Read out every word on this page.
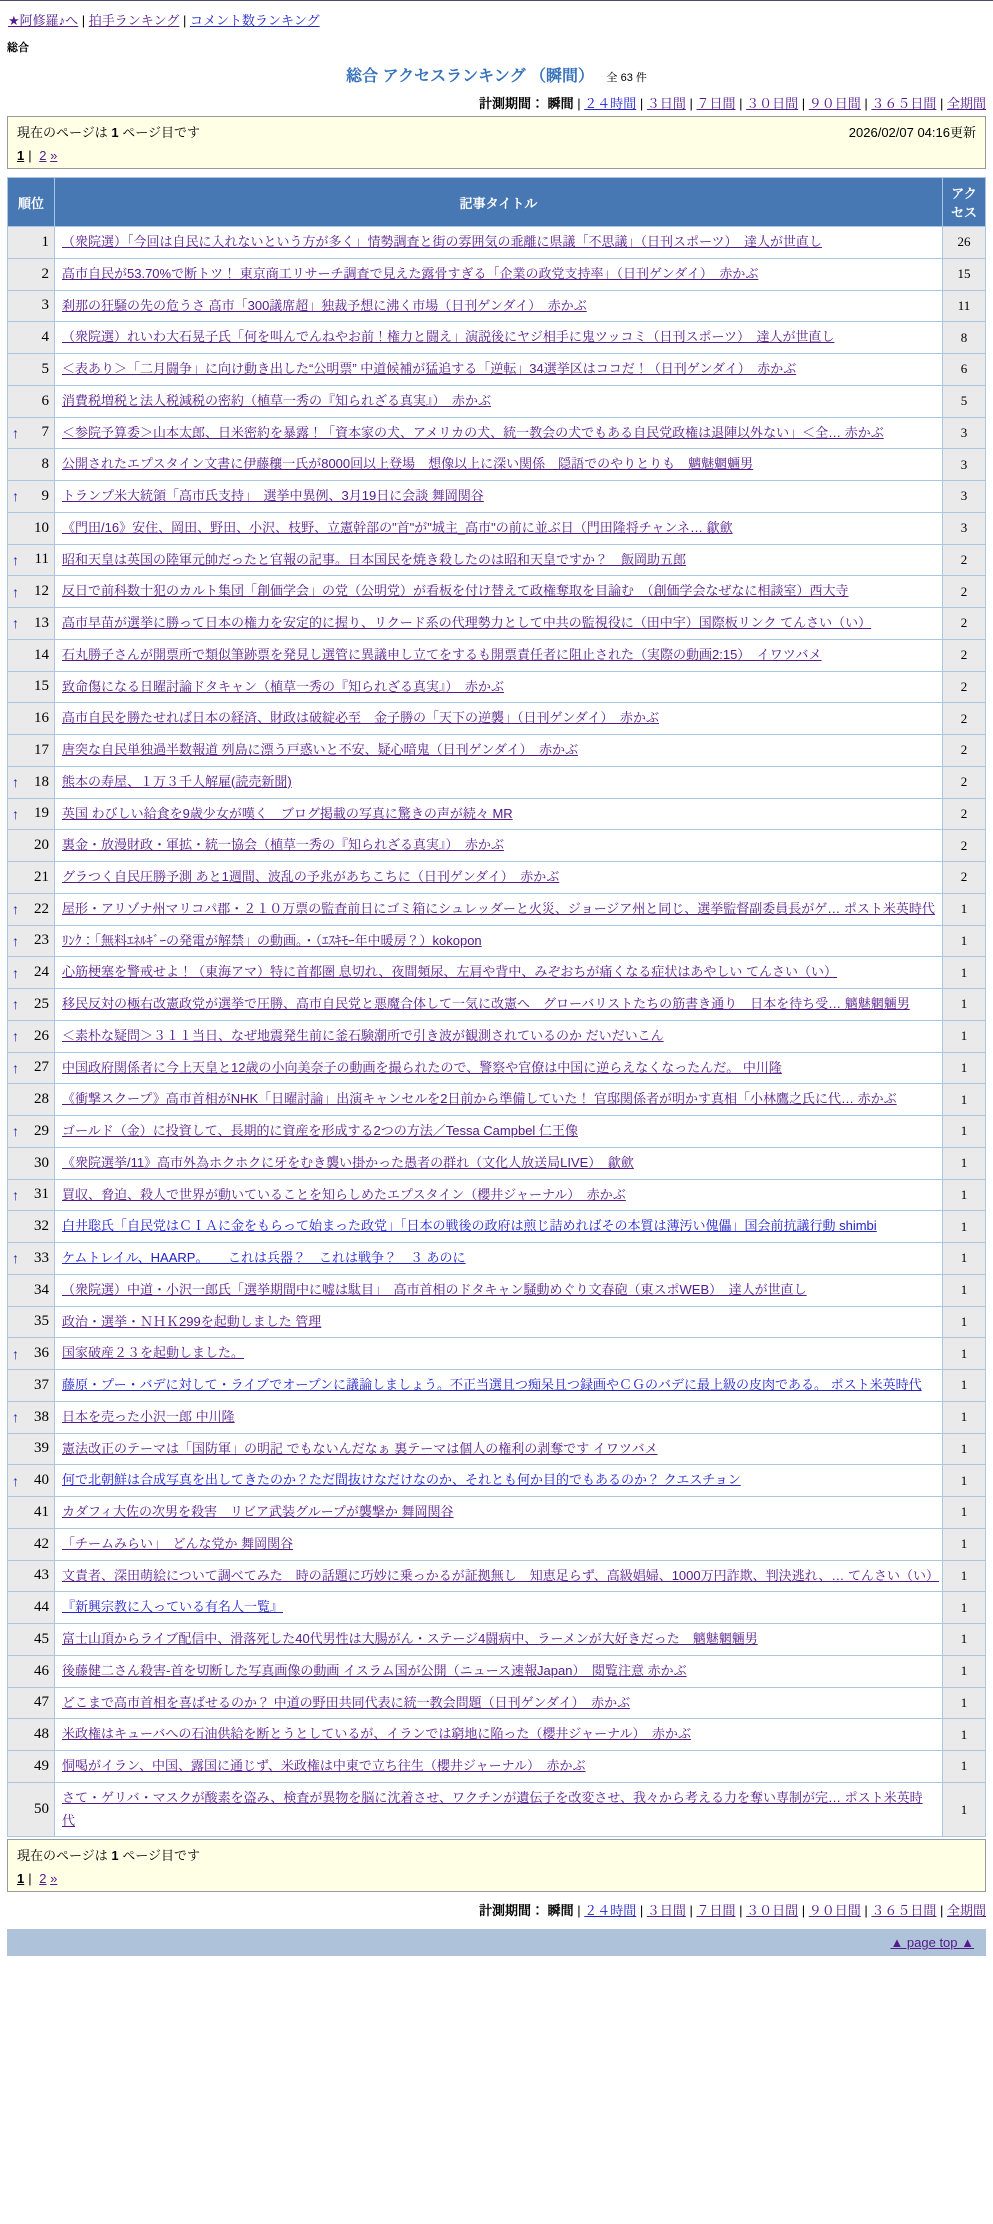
★阿修羅♪へ | 拍手ランキング | コメント数ランキング
総合
総合 アクセスランキング （瞬間） 全 63 件
計測期間： 瞬間 | ２４時間 | ３日間 | ７日間 | ３０日間 | ９０日間 | ３６５日間 | 全期間
現在のページは 1 ページ目です	2026/02/07 04:16更新
1 | 2 »
順位	記事タイトル	アクセス

1	（衆院選）「今回は自民に入れないという方が多く」情勢調査と街の雰囲気の乖離に県議「不思議」（日刊スポーツ）　達人が世直し	26

2	高市自民が53.70%で断トツ！ 東京商工リサーチ調査で見えた露骨すぎる「企業の政党支持率」（日刊ゲンダイ）　赤かぶ	15

3	刹那の狂騒の先の危うさ 高市「300議席超」独裁予想に沸く市場（日刊ゲンダイ）　赤かぶ	11

4	（衆院選）れいわ大石晃子氏「何を叫んでんねやお前！権力と闘え」演説後にヤジ相手に鬼ツッコミ（日刊スポーツ）　達人が世直し	8

5	＜表あり＞「二月闘争」に向け動き出した“公明票” 中道候補が猛追する「逆転」34選挙区はココだ！（日刊ゲンダイ）　赤かぶ	6

6	消費税増税と法人税減税の密約（植草一秀の『知られざる真実』）　赤かぶ	5

↑ 7	＜参院予算委＞山本太郎、日米密約を暴露！「資本家の犬、アメリカの犬、統一教会の犬でもある自民党政権は退陣以外ない」＜全… 赤かぶ	3

8	公開されたエプスタイン文書に伊藤穰一氏が8000回以上登場　想像以上に深い関係　隠語でのやりとりも　魑魅魍魎男	3

↑ 9	トランプ米大統領「高市氏支持」　選挙中異例、3月19日に会談 舞岡関谷	3

10	《門田/16》安住、岡田、野田、小沢、枝野、立憲幹部の"首"が"城主_高市"の前に並ぶ日（門田隆将チャンネ… 歙歛	3

↑ 11	昭和天皇は英国の陸軍元帥だったと官報の記事。日本国民を焼き殺したのは昭和天皇ですか？　飯岡助五郎	2

↑ 12	反日で前科数十犯のカルト集団「創価学会」の党（公明党）が看板を付け替えて政権奪取を目論む　（創価学会なぜなに相談室）西大寺	2

↑ 13	高市早苗が選挙に勝って日本の権力を安定的に握り、リクード系の代理勢力として中共の監視役に（田中宇）国際板リンク てんさい（い）	2

14	石丸勝子さんが開票所で類似筆跡票を発見し選管に異議申し立てをするも開票責任者に阻止された（実際の動画2:15）　イワツバメ	2

15	致命傷になる日曜討論ドタキャン（植草一秀の『知られざる真実』）　赤かぶ	2

16	高市自民を勝たせれば日本の経済、財政は破綻必至　金子勝の「天下の逆襲」（日刊ゲンダイ）　赤かぶ	2

17	唐突な自民単独過半数報道 列島に漂う戸惑いと不安、疑心暗鬼（日刊ゲンダイ）　赤かぶ	2

↑ 18	熊本の寿屋、１万３千人解雇(読売新聞)	2

↑ 19	英国 わびしい給食を9歳少女が嘆く　ブログ掲載の写真に驚きの声が続々 MR	2

20	裏金・放漫財政・軍拡・統一協会（植草一秀の『知られざる真実』）　赤かぶ	2

21	グラつく自民圧勝予測 あと1週間、波乱の予兆があちこちに（日刊ゲンダイ）　赤かぶ	2

↑ 22	屋形・アリゾナ州マリコパ郡・２１０万票の監査前日にゴミ箱にシュレッダーと火災、ジョージア州と同じ、選挙監督副委員長がゲ… ポスト米英時代	1

↑ 23	ﾘﾝｸ：「無料ｴﾈﾙｷﾞｰの発電が解禁」の動画。・（ｴｽｷﾓｰ年中暖房？）kokopon	1

↑ 24	心筋梗塞を警戒せよ！（東海アマ）特に首都圏 息切れ、夜間頻尿、左肩や背中、みぞおちが痛くなる症状はあやしい てんさい（い）	1

↑ 25	移民反対の極右改憲政党が選挙で圧勝、高市自民党と悪魔合体して一気に改憲へ　グローバリストたちの筋書き通り　日本を待ち受… 魑魅魍魎男	1

↑ 26	＜素朴な疑問＞３１１当日、なぜ地震発生前に釜石験潮所で引き波が観測されているのか だいだいこん	1

↑ 27	中国政府関係者に今上天皇と12歳の小向美奈子の動画を撮られたので、警察や官僚は中国に逆らえなくなったんだ。 中川隆	1

28	《衝撃スクープ》高市首相がNHK「日曜討論」出演キャンセルを2日前から準備していた！ 官邸関係者が明かす真相「小林鷹之氏に代… 赤かぶ	1

↑ 29	ゴールド（金）に投資して、長期的に資産を形成する2つの方法／Tessa Campbel 仁王像	1

30	《衆院選挙/11》高市外為ホクホクに牙をむき襲い掛かった愚者の群れ（文化人放送局LIVE）　歙歛	1

↑ 31	買収、脅迫、殺人で世界が動いていることを知らしめたエプスタイン（櫻井ジャーナル）　赤かぶ	1

32	白井聡氏「自民党はＣＩＡに金をもらって始まった政党」「日本の戦後の政府は煎じ詰めればその本質は薄汚い傀儡」国会前抗議行動 shimbi	1

↑ 33	ケムトレイル、HAARP。　　これは兵器？　これは戦争？　３ あのに	1

34	（衆院選）中道・小沢一郎氏「選挙期間中に嘘は駄目」　高市首相のドタキャン騒動めぐり文春砲（東スポWEB）　達人が世直し	1

35	政治・選挙・ＮＨＫ299を起動しました 管理	1

↑ 36	国家破産２３を起動しました。	1

37	藤原・プー・バデに対して・ライブでオープンに議論しましょう。不正当選且つ痴呆且つ録画やＣＧのバデに最上級の皮肉である。 ポスト米英時代	1

↑ 38	日本を売った小沢一郎 中川隆	1

39	憲法改正のテーマは「国防軍」の明記 でもないんだなぁ 裏テーマは個人の権利の剥奪です イワツバメ	1

↑ 40	何で北朝鮮は合成写真を出してきたのか？ただ間抜けなだけなのか、それとも何か目的でもあるのか？ クエスチョン	1

41	カダフィ大佐の次男を殺害　リビア武装グループが襲撃か 舞岡関谷	1

42	「チームみらい」　どんな党か 舞岡関谷	1

43	文責者、深田萌絵について調べてみた　時の話題に巧妙に乗っかるが証拠無し　知恵足らず、高級娼婦、1000万円詐欺、判決逃れ、… てんさい（い）	1

44	『新興宗教に入っている有名人一覧』	1

45	富士山頂からライブ配信中、滑落死した40代男性は大腸がん・ステージ4闘病中、ラーメンが大好きだった　魑魅魍魎男	1

46	後藤健二さん殺害-首を切断した写真画像の動画 イスラム国が公開（ニュース速報Japan）　閲覧注意 赤かぶ	1

47	どこまで高市首相を喜ばせるのか？ 中道の野田共同代表に統一教会問題（日刊ゲンダイ）　赤かぶ	1

48	米政権はキューバへの石油供給を断とうとしているが、イランでは窮地に陥った（櫻井ジャーナル）　赤かぶ	1

49	恫喝がイラン、中国、露国に通じず、米政権は中東で立ち往生（櫻井ジャーナル）　赤かぶ	1

50	さて・ゲリバ・マスクが酸素を盗み、検査が異物を脳に沈着させ、ワクチンが遺伝子を改変させ、我々から考える力を奪い専制が完… ポスト米英時代	1
現在のページは 1 ページ目です
1 | 2 »
計測期間： 瞬間 | ２４時間 | ３日間 | ７日間 | ３０日間 | ９０日間 | ３６５日間 | 全期間
▲ page top ▲
